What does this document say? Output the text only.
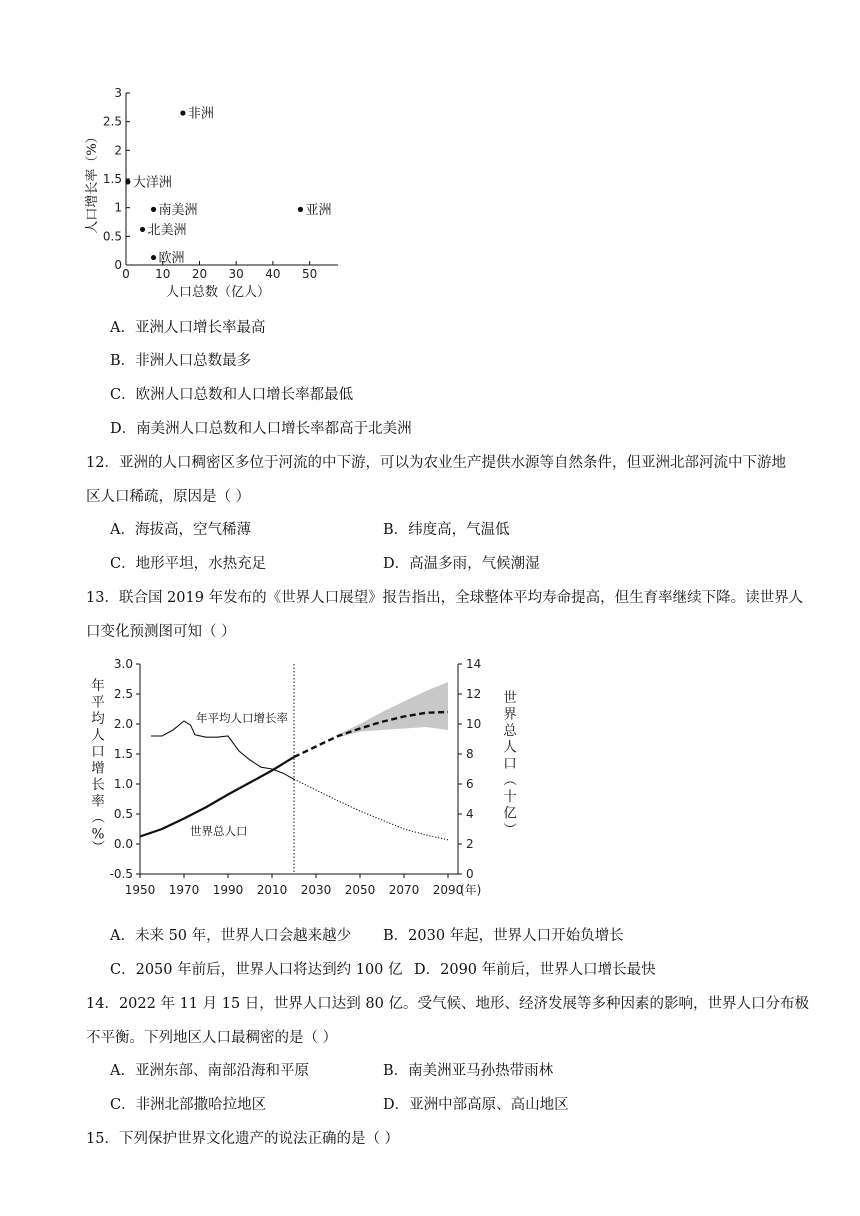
0 10 20 30 40 50
0
0.5
1
1.5
2
2.5
3
非洲
大洋洲
南美洲
北美洲
欧洲
亚洲
人口总数（亿人）
人口增长率（%）
A．亚洲人口增长率最高
B．非洲人口总数最多
C．欧洲人口总数和人口增长率都最低
D．南美洲人口总数和人口增长率都高于北美洲
12．亚洲的人口稠密区多位于河流的中下游，可以为农业生产提供水源等自然条件，但亚洲北部河流中下游地
区人口稀疏，原因是（ ）
A．海拔高，空气稀薄	B．纬度高，气温低
C．地形平坦，水热充足	D．高温多雨，气候潮湿
13．联合国 2019 年发布的《世界人口展望》报告指出，全球整体平均寿命提高，但生育率继续下降。读世界人
口变化预测图可知（ ）
1950 1970 1990 2010 2030 2050 2070 2090
(年)
3.0
2.5
2.0
1.5
1.0
0.5
0.0
-0.5
14
12
10
8
6
4
2
0
年平均人口增长率
世界总人口
年
平
均
人
口
增
长
率
（
%
）
世
界
总
人
口
（
十
亿
）
A．未来 50 年，世界人口会越来越少 B．2030 年起，世界人口开始负增长
C．2050 年前后，世界人口将达到约 100 亿 D．2090 年前后，世界人口增长最快
14．2022 年 11 月 15 日，世界人口达到 80 亿。受气候、地形、经济发展等多种因素的影响，世界人口分布极
不平衡。下列地区人口最稠密的是（ ）
A．亚洲东部、南部沿海和平原	B．南美洲亚马孙热带雨林
C．非洲北部撒哈拉地区	D．亚洲中部高原、高山地区
15．下列保护世界文化遗产的说法正确的是（ ）
